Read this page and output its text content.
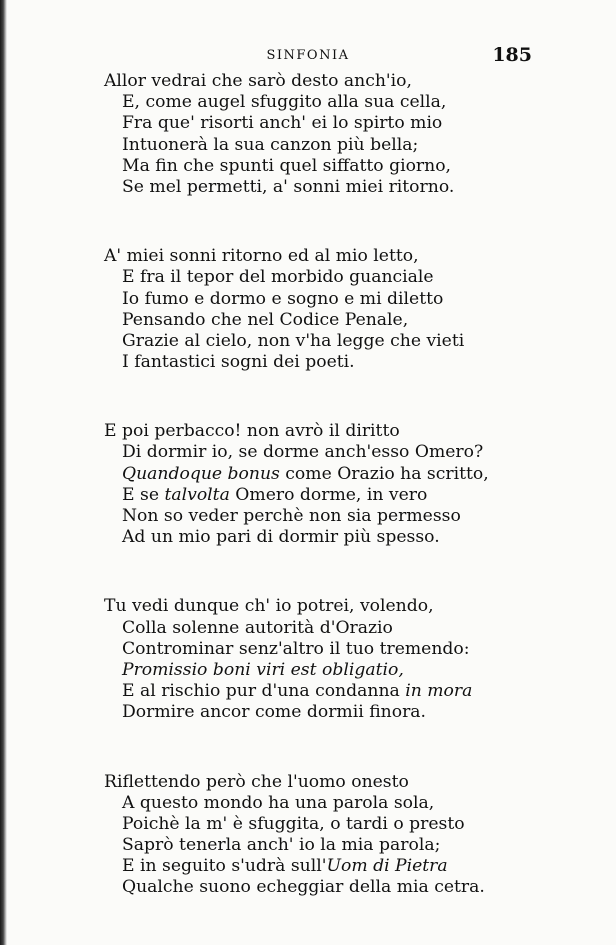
SINFONIA	185
Allor vedrai che sarò desto anch'io,
E, come augel sfuggito alla sua cella,
Fra que' risorti anch' ei lo spirto mio
Intuonerà la sua canzon più bella;
Ma fin che spunti quel siffatto giorno,
Se mel permetti, a' sonni miei ritorno.
A' miei sonni ritorno ed al mio letto,
E fra il tepor del morbido guanciale
Io fumo e dormo e sogno e mi diletto
Pensando che nel Codice Penale,
Grazie al cielo, non v'ha legge che vieti
I fantastici sogni dei poeti.
E poi perbacco! non avrò il diritto
Di dormir io, se dorme anch'esso Omero?
Quandoque bonus come Orazio ha scritto,
E se talvolta Omero dorme, in vero
Non so veder perchè non sia permesso
Ad un mio pari di dormir più spesso.
Tu vedi dunque ch' io potrei, volendo,
Colla solenne autorità d'Orazio
Controminar senz'altro il tuo tremendo:
Promissio boni viri est obligatio,
E al rischio pur d'una condanna in mora
Dormire ancor come dormii finora.
Riflettendo però che l'uomo onesto
A questo mondo ha una parola sola,
Poichè la m' è sfuggita, o tardi o presto
Saprò tenerla anch' io la mia parola;
E in seguito s'udrà sull'Uom di Pietra
Qualche suono echeggiar della mia cetra.
